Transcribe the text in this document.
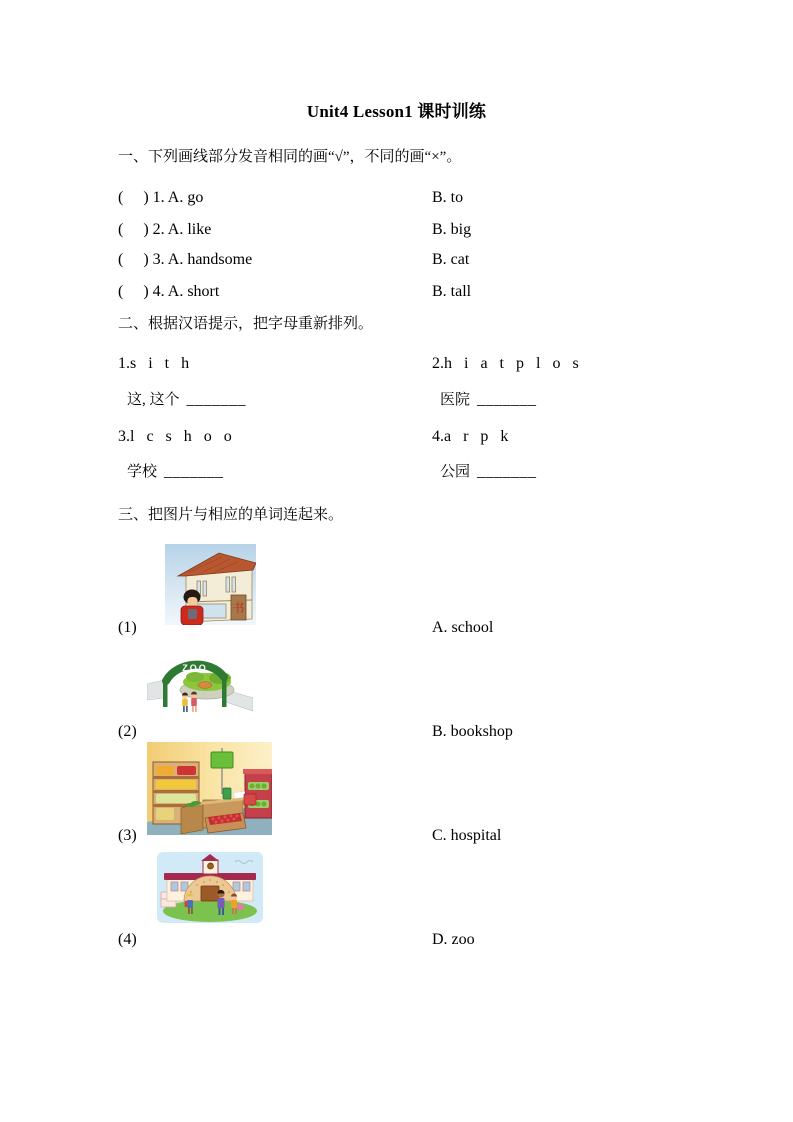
Unit4 Lesson1 课时训练
一、下列画线部分发音相同的画“√”，不同的画“×”。
(     ) 1. A. go	B. to
(     ) 2. A. like	B. big
(     ) 3. A. handsome	B. cat
(     ) 4. A. short	B. tall
二、根据汉语提示，把字母重新排列。
1.s   i   t   h	2.h   i   a   t   p   l   o   s
这, 这个 _______	医院 _______
3.l   c   s   h   o   o	4.a   r   p   k
学校 _______	公园 _______
三、把图片与相应的单词连起来。
书
(1)	A. school
ZOO
(2)	B. bookshop
(3)	C. hospital
(4)	D. zoo
